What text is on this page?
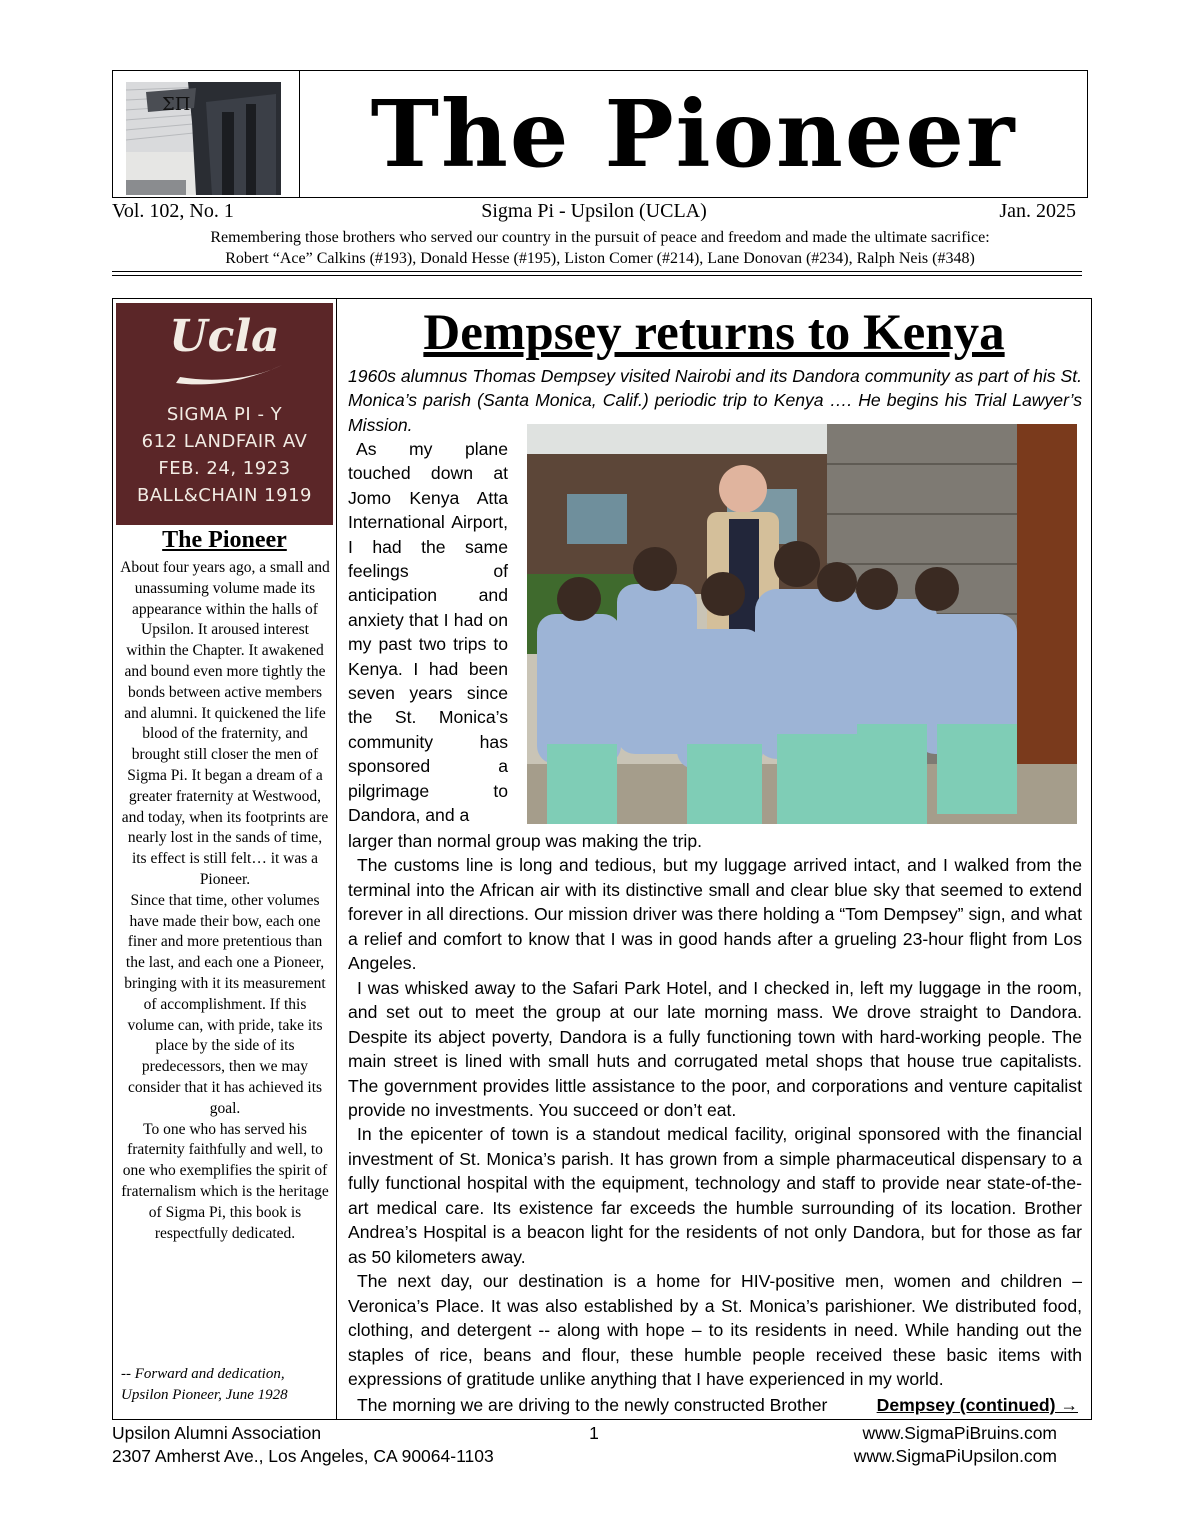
ΣΠ	The Pioneer
Vol. 102, No. 1	Sigma Pi - Upsilon (UCLA)	Jan. 2025
Remembering those brothers who served our country in the pursuit of peace and freedom and made the ultimate sacrifice:
Robert “Ace” Calkins (#193), Donald Hesse (#195), Liston Comer (#214), Lane Donovan (#234), Ralph Neis (#348)
Ucla
SIGMA PI - Y
612 LANDFAIR AV
FEB. 24, 1923
BALL&CHAIN 1919
The Pioneer

About four years ago, a small and unassuming volume made its appearance within the halls of Upsilon. It aroused interest within the Chapter. It awakened and bound even more tightly the bonds between active members and alumni. It quickened the life blood of the fraternity, and brought still closer the men of Sigma Pi. It began a dream of a greater fraternity at Westwood, and today, when its footprints are nearly lost in the sands of time, its effect is still felt… it was a Pioneer.

Since that time, other volumes have made their bow, each one finer and more pretentious than the last, and each one a Pioneer, bringing with it its measurement of accomplishment. If this volume can, with pride, take its place by the side of its predecessors, then we may consider that it has achieved its goal.

To one who has served his fraternity faithfully and well, to one who exemplifies the spirit of fraternalism which is the heritage of Sigma Pi, this book is respectfully dedicated.

-- Forward and dedication,
Upsilon Pioneer, June 1928
Dempsey returns to Kenya
1960s alumnus Thomas Dempsey visited Nairobi and its Dandora community as part of his St. Monica’s parish (Santa Monica, Calif.) periodic trip to Kenya …. He begins his Trial Lawyer’s Mission.

As my plane touched down at Jomo Kenya Atta International Airport, I had the same feelings of anticipation and anxiety that I had on my past two trips to Kenya. I had been seven years since the St. Monica’s community has sponsored a pilgrimage to Dandora, and a

larger than normal group was making the trip.

The customs line is long and tedious, but my luggage arrived intact, and I walked from the terminal into the African air with its distinctive small and clear blue sky that seemed to extend forever in all directions. Our mission driver was there holding a “Tom Dempsey” sign, and what a relief and comfort to know that I was in good hands after a grueling 23-hour flight from Los Angeles.

I was whisked away to the Safari Park Hotel, and I checked in, left my luggage in the room, and set out to meet the group at our late morning mass. We drove straight to Dandora. Despite its abject poverty, Dandora is a fully functioning town with hard-working people. The main street is lined with small huts and corrugated metal shops that house true capitalists. The government provides little assistance to the poor, and corporations and venture capitalist provide no investments. You succeed or don’t eat.

In the epicenter of town is a standout medical facility, original sponsored with the financial investment of St. Monica’s parish. It has grown from a simple pharmaceutical dispensary to a fully functional hospital with the equipment, technology and staff to provide near state-of-the-art medical care. Its existence far exceeds the humble surrounding of its location. Brother Andrea’s Hospital is a beacon light for the residents of not only Dandora, but for those as far as 50 kilometers away.

The next day, our destination is a home for HIV-positive men, women and children – Veronica’s Place. It was also established by a St. Monica’s parishioner. We distributed food, clothing, and detergent -- along with hope – to its residents in need. While handing out the staples of rice, beans and flour, these humble people received these basic items with expressions of gratitude unlike anything that I have experienced in my world.

The morning we are driving to the newly constructed Brother	Dempsey (continued) →
Upsilon Alumni Association
2307 Amherst Ave., Los Angeles, CA 90064-1103
1	www.SigmaPiBruins.com
www.SigmaPiUpsilon.com
